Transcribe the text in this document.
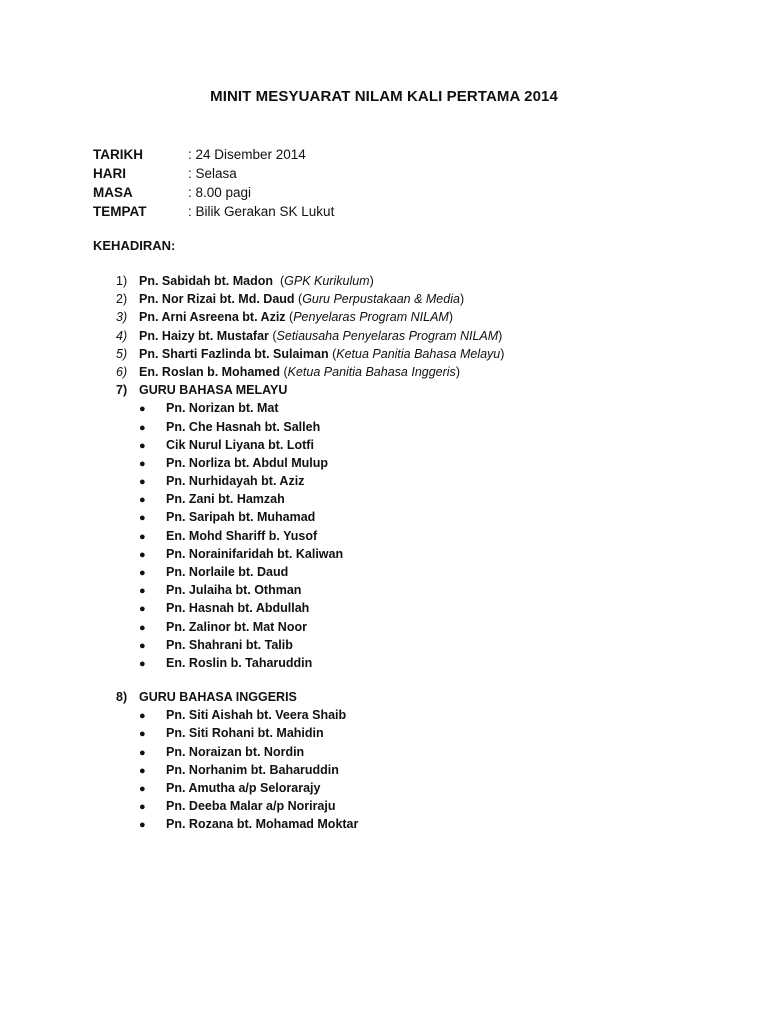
MINIT MESYUARAT NILAM KALI PERTAMA 2014
TARIKH	: 24 Disember 2014
HARI	: Selasa
MASA	: 8.00 pagi
TEMPAT	: Bilik Gerakan SK Lukut
KEHADIRAN:
1) Pn. Sabidah bt. Madon  (GPK Kurikulum)
2) Pn. Nor Rizai bt. Md. Daud (Guru Perpustakaan & Media)
3) Pn. Arni Asreena bt. Aziz (Penyelaras Program NILAM)
4) Pn. Haizy bt. Mustafar (Setiausaha Penyelaras Program NILAM)
5) Pn. Sharti Fazlinda bt. Sulaiman (Ketua Panitia Bahasa Melayu)
6) En. Roslan b. Mohamed (Ketua Panitia Bahasa Inggeris)
7) GURU BAHASA MELAYU
● Pn. Norizan bt. Mat
● Pn. Che Hasnah bt. Salleh
● Cik Nurul Liyana bt. Lotfi
● Pn. Norliza bt. Abdul Mulup
● Pn. Nurhidayah bt. Aziz
● Pn. Zani bt. Hamzah
● Pn. Saripah bt. Muhamad
● En. Mohd Shariff b. Yusof
● Pn. Norainifaridah bt. Kaliwan
● Pn. Norlaile bt. Daud
● Pn. Julaiha bt. Othman
● Pn. Hasnah bt. Abdullah
● Pn. Zalinor bt. Mat Noor
● Pn. Shahrani bt. Talib
● En. Roslin b. Taharuddin
8) GURU BAHASA INGGERIS
● Pn. Siti Aishah bt. Veera Shaib
● Pn. Siti Rohani bt. Mahidin
● Pn. Noraizan bt. Nordin
● Pn. Norhanim bt. Baharuddin
● Pn. Amutha a/p Selorarajy
● Pn. Deeba Malar a/p Noriraju
● Pn. Rozana bt. Mohamad Moktar
